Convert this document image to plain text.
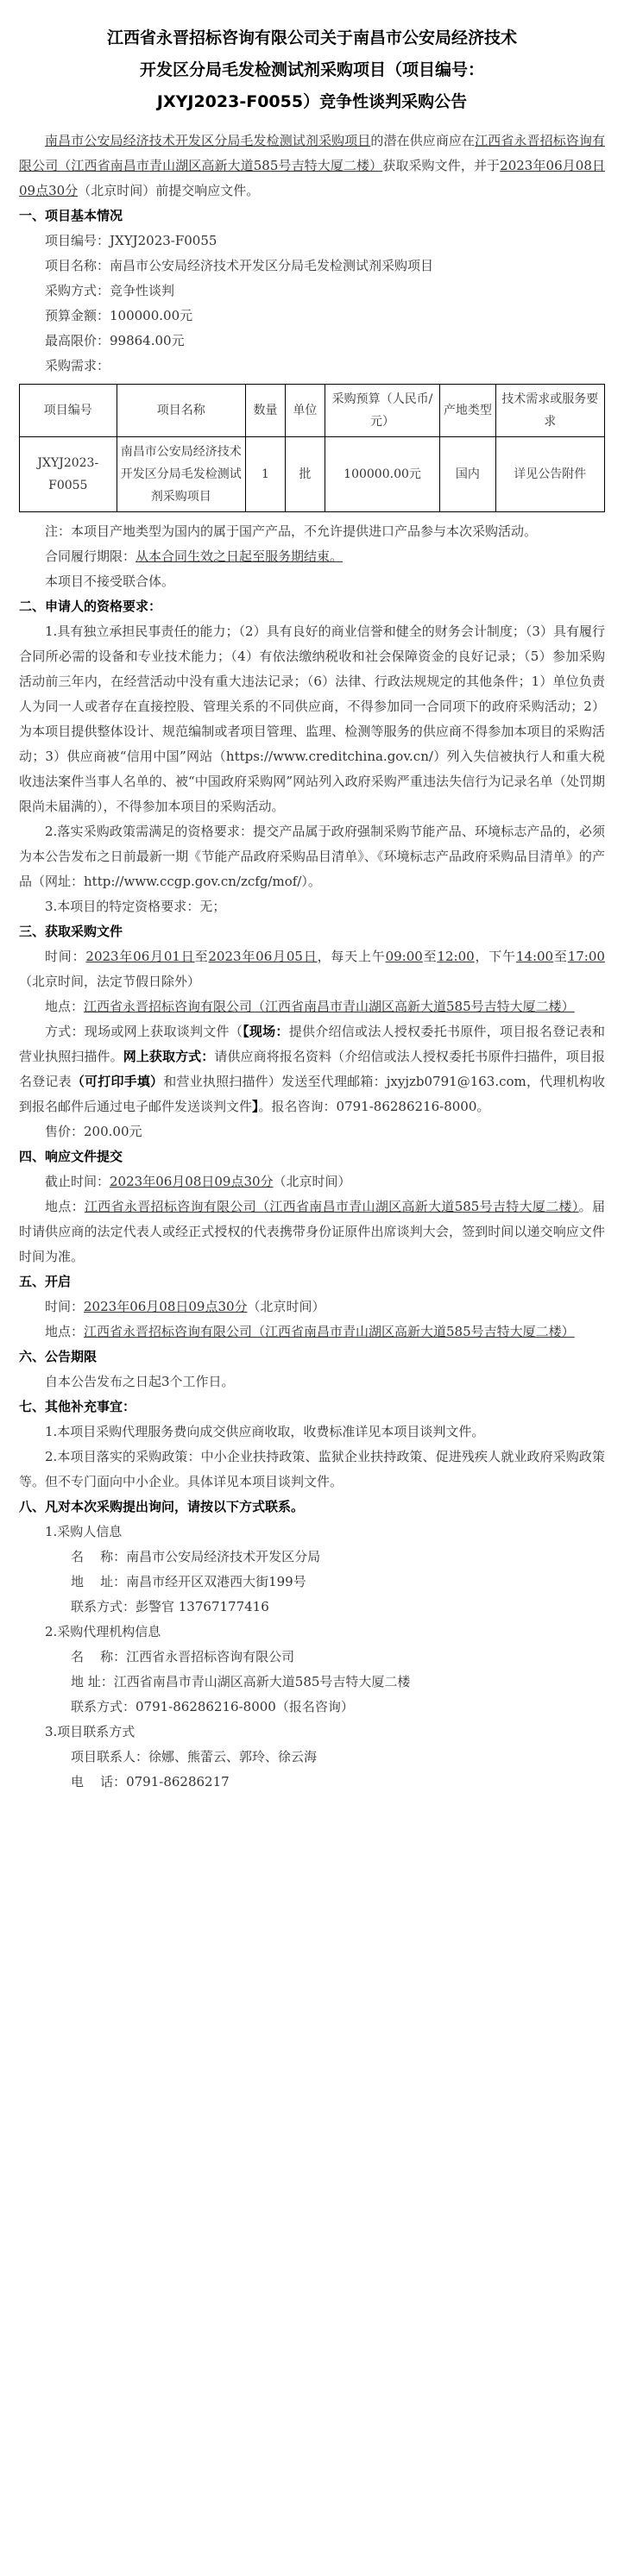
江西省永晋招标咨询有限公司关于南昌市公安局经济技术
开发区分局毛发检测试剂采购项目（项目编号：
JXYJ2023-F0055）竞争性谈判采购公告

南昌市公安局经济技术开发区分局毛发检测试剂采购项目的潜在供应商应在江西省永晋招标咨询有限公司（江西省南昌市青山湖区高新大道585号吉特大厦二楼）获取采购文件，并于2023年06月08日09点30分（北京时间）前提交响应文件。

一、项目基本情况

项目编号：JXYJ2023-F0055

项目名称：南昌市公安局经济技术开发区分局毛发检测试剂采购项目

采购方式：竞争性谈判

预算金额：100000.00元

最高限价：99864.00元

采购需求：

项目编号	项目名称	数量	单位	采购预算（人民币/元）	产地类型	技术需求或服务要求
JXYJ2023-F0055	南昌市公安局经济技术开发区分局毛发检测试剂采购项目	1	批	100000.00元	国内	详见公告附件

注：本项目产地类型为国内的属于国产产品，不允许提供进口产品参与本次采购活动。

合同履行期限：从本合同生效之日起至服务期结束。

本项目不接受联合体。

二、申请人的资格要求：

1.具有独立承担民事责任的能力；（2）具有良好的商业信誉和健全的财务会计制度；（3）具有履行合同所必需的设备和专业技术能力；（4）有依法缴纳税收和社会保障资金的良好记录；（5）参加采购活动前三年内，在经营活动中没有重大违法记录；（6）法律、行政法规规定的其他条件；1）单位负责人为同一人或者存在直接控股、管理关系的不同供应商，不得参加同一合同项下的政府采购活动；2）为本项目提供整体设计、规范编制或者项目管理、监理、检测等服务的供应商不得参加本项目的采购活动；3）供应商被“信用中国”网站（https://www.creditchina.gov.cn/）列入失信被执行人和重大税收违法案件当事人名单的、被“中国政府采购网”网站列入政府采购严重违法失信行为记录名单（处罚期限尚未届满的），不得参加本项目的采购活动。

2.落实采购政策需满足的资格要求：提交产品属于政府强制采购节能产品、环境标志产品的，必须为本公告发布之日前最新一期《节能产品政府采购品目清单》、《环境标志产品政府采购品目清单》的产品（网址：http://www.ccgp.gov.cn/zcfg/mof/）。

3.本项目的特定资格要求：无；

三、获取采购文件

时间：2023年06月01日至2023年06月05日，每天上午09:00至12:00，下午14:00至17:00（北京时间，法定节假日除外）

地点：江西省永晋招标咨询有限公司（江西省南昌市青山湖区高新大道585号吉特大厦二楼）

方式：现场或网上获取谈判文件（【现场：提供介绍信或法人授权委托书原件，项目报名登记表和营业执照扫描件。网上获取方式：请供应商将报名资料（介绍信或法人授权委托书原件扫描件，项目报名登记表（可打印手填）和营业执照扫描件）发送至代理邮箱：jxyjzb0791@163.com，代理机构收到报名邮件后通过电子邮件发送谈判文件】。报名咨询：0791-86286216-8000。

售价：200.00元

四、响应文件提交

截止时间：2023年06月08日09点30分（北京时间）

地点：江西省永晋招标咨询有限公司（江西省南昌市青山湖区高新大道585号吉特大厦二楼）。届时请供应商的法定代表人或经正式授权的代表携带身份证原件出席谈判大会，签到时间以递交响应文件时间为准。

五、开启

时间：2023年06月08日09点30分（北京时间）

地点：江西省永晋招标咨询有限公司（江西省南昌市青山湖区高新大道585号吉特大厦二楼）

六、公告期限

自本公告发布之日起3个工作日。

七、其他补充事宜：

1.本项目采购代理服务费向成交供应商收取，收费标准详见本项目谈判文件。

2.本项目落实的采购政策：中小企业扶持政策、监狱企业扶持政策、促进残疾人就业政府采购政策等。但不专门面向中小企业。具体详见本项目谈判文件。

八、凡对本次采购提出询问，请按以下方式联系。

1.采购人信息

名    称：南昌市公安局经济技术开发区分局

地    址：南昌市经开区双港西大街199号

联系方式：彭警官 13767177416

2.采购代理机构信息

名    称：江西省永晋招标咨询有限公司

地 址：江西省南昌市青山湖区高新大道585号吉特大厦二楼

联系方式：0791-86286216-8000（报名咨询）

3.项目联系方式

项目联系人：徐娜、熊蕾云、郭玲、徐云海

电    话：0791-86286217
